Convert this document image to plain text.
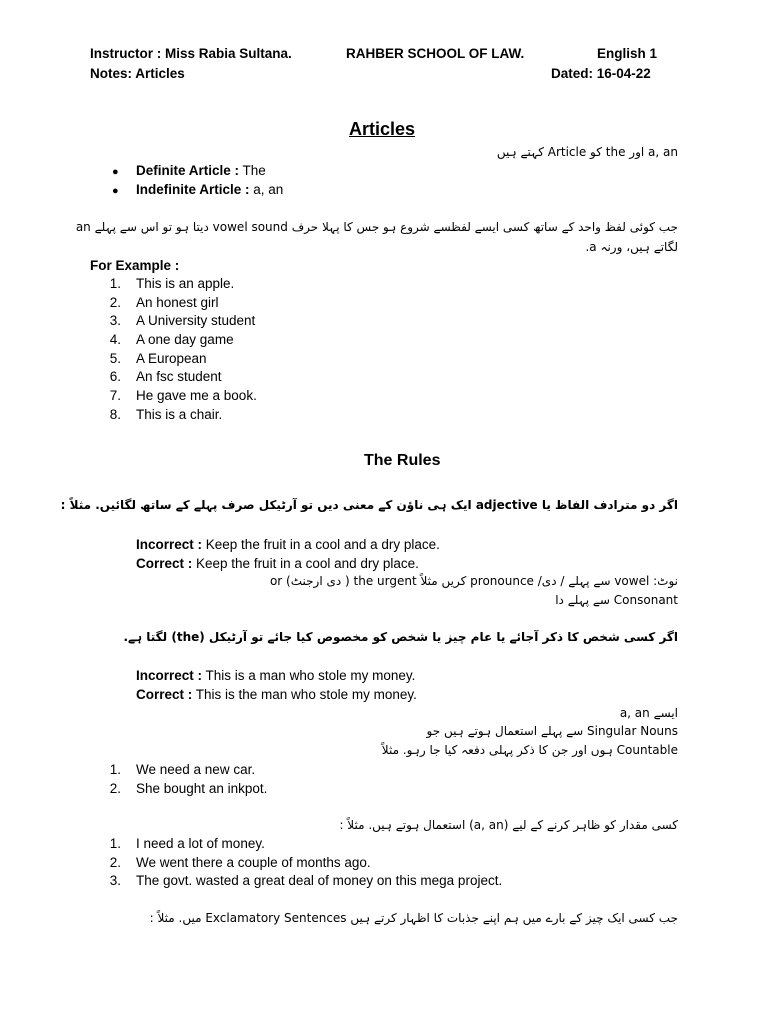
Instructor : Miss Rabia Sultana.	RAHBER SCHOOL OF LAW.	English 1
Notes: Articles	Dated: 16-04-22
Articles
a, an اور the کو Article کہتے ہیں
● Definite Article : The
● Indefinite Article : a, an
جب کوئی لفظ واحد کے ساتھ کسی ایسے لفظسے شروع ہو جس کا پہلا حرف vowel sound دیتا ہو تو اس سے پہلے an
لگاتے ہیں، ورنہ a.
For Example :
1.    This is an apple.
2.    An honest girl
3.    A University student
4.    A one day game
5.    A European
6.    An fsc student
7.    He gave me a book.
8.    This is a chair.
The Rules
اگر دو مترادف الفاظ یا adjective ایک ہی ناؤن کے معنی دیں تو آرٹیکل صرف پہلے کے ساتھ لگائیں. مثلاً :
Incorrect : Keep the fruit in a cool and a dry place.
Correct : Keep the fruit in a cool and dry place.
نوٹ: vowel سے پہلے / دی/ pronounce کریں مثلاً the urgent ( دی ارجنٹ) or
Consonant سے پہلے دا
اگر کسی شخص کا ذکر آجائے یا عام چیز یا شخص کو مخصوص کیا جائے تو آرٹیکل (the) لگتا ہے.
Incorrect : This is a man who stole my money.
Correct : This is the man who stole my money.
ایسے a, an
Singular Nouns سے پہلے استعمال ہوتے ہیں جو
Countable ہوں اور جن کا ذکر پہلی دفعہ کیا جا رہو. مثلاً
1.    We need a new car.
2.    She bought an inkpot.
کسی مقدار کو ظاہر کرنے کے لیے (a, an) استعمال ہوتے ہیں. مثلاً :
1.    I need a lot of money.
2.    We went there a couple of months ago.
3.    The govt. wasted a great deal of money on this mega project.
جب کسی ایک چیز کے بارے میں ہم اپنے جذبات کا اظہار کرتے ہیں Exclamatory Sentences میں. مثلاً :
